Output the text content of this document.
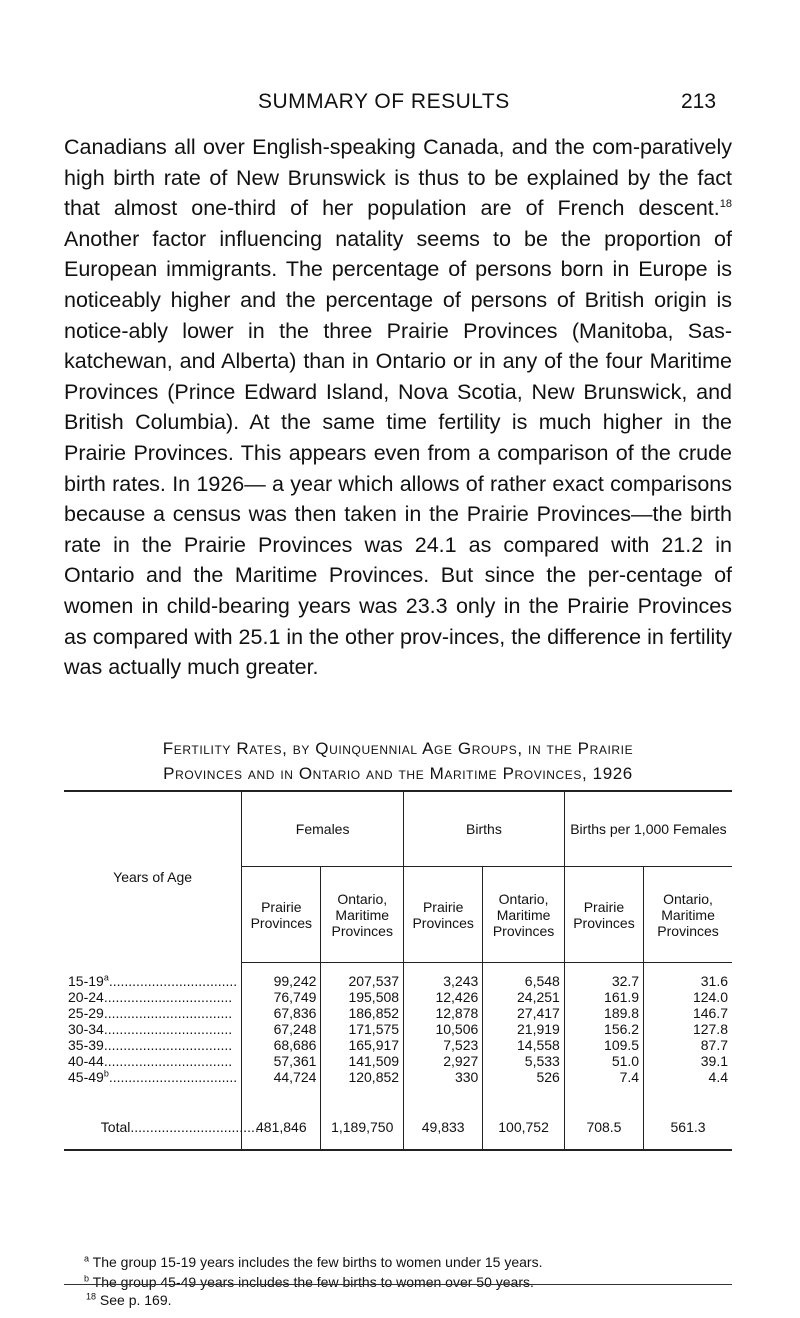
SUMMARY OF RESULTS	213
Canadians all over English-speaking Canada, and the com-paratively high birth rate of New Brunswick is thus to be explained by the fact that almost one-third of her population are of French descent.$^{18}$ Another factor influencing natality seems to be the proportion of European immigrants. The percentage of persons born in Europe is noticeably higher and the percentage of persons of British origin is notice-ably lower in the three Prairie Provinces (Manitoba, Sas-katchewan, and Alberta) than in Ontario or in any of the four Maritime Provinces (Prince Edward Island, Nova Scotia, New Brunswick, and British Columbia). At the same time fertility is much higher in the Prairie Provinces. This appears even from a comparison of the crude birth rates. In 1926— a year which allows of rather exact comparisons because a census was then taken in the Prairie Provinces—the birth rate in the Prairie Provinces was 24.1 as compared with 21.2 in Ontario and the Maritime Provinces. But since the per-centage of women in child-bearing years was 23.3 only in the Prairie Provinces as compared with 25.1 in the other prov-inces, the difference in fertility was actually much greater.
Fertility Rates, by Quinquennial Age Groups, in the Prairie
Provinces and in Ontario and the Maritime Provinces, 1926
Years of Age	Females		Births		Births per 1,000 Females	
	Prairie Provinces	Ontario, Maritime Provinces	Prairie Provinces	Ontario, Maritime Provinces	Prairie Provinces	Ontario, Maritime Provinces
15-19$^a$.................................	99,242	207,537	3,243	6,548	32.7	31.6
20-24.................................	76,749	195,508	12,426	24,251	161.9	124.0
25-29.................................	67,836	186,852	12,878	27,417	189.8	146.7
30-34.................................	67,248	171,575	10,506	21,919	156.2	127.8
35-39.................................	68,686	165,917	7,523	14,558	109.5	87.7
40-44.................................	57,361	141,509	2,927	5,533	51.0	39.1
45-49$^b$.................................	44,724	120,852	330	526	7.4	4.4

Total.................................	481,846	1,189,750	49,833	100,752	708.5	561.3
$^a$ The group 15-19 years includes the few births to women under 15 years.
$^b$ The group 45-49 years includes the few births to women over 50 years.
$^{18}$ See p. 169.
